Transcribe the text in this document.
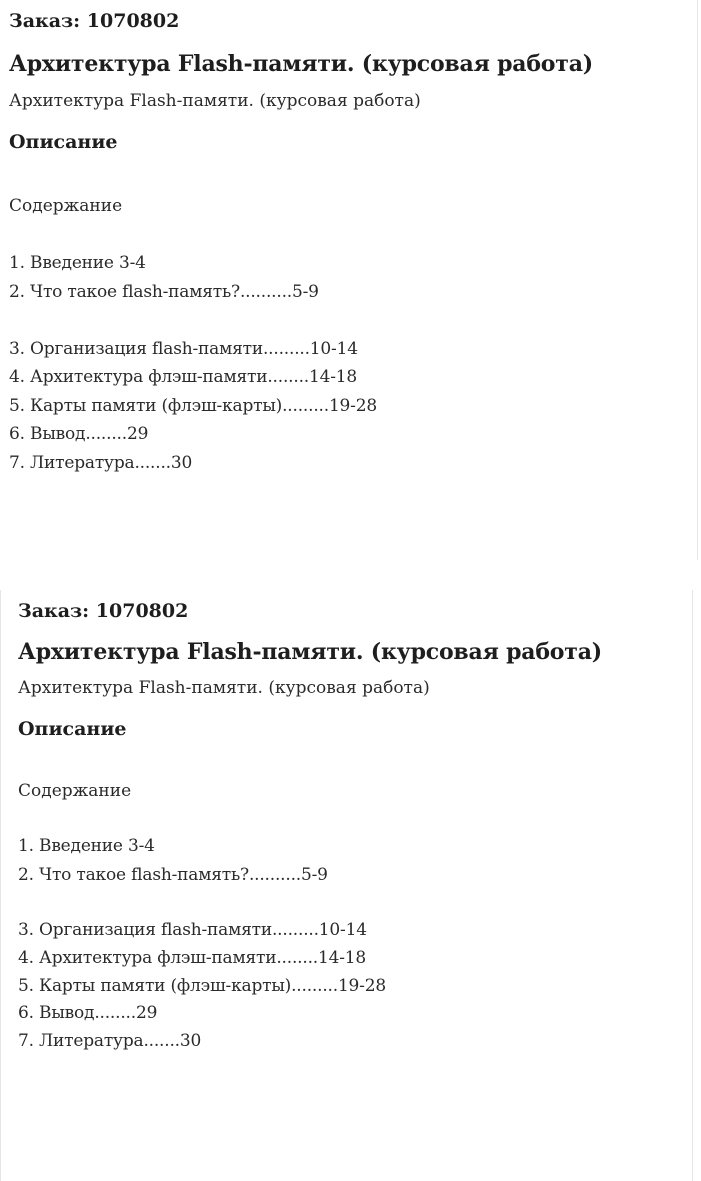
Заказ: 1070802
Архитектура Flash-памяти. (курсовая работа)
Архитектура Flash-памяти. (курсовая работа)
Описание
Содержание
1. Введение 3-4
2. Что такое flash-память?..........5-9
3. Организация flash-памяти.........10-14
4. Архитектура флэш-памяти........14-18
5. Карты памяти (флэш-карты).........19-28
6. Вывод........29
7. Литература.......30
Заказ: 1070802
Архитектура Flash-памяти. (курсовая работа)
Архитектура Flash-памяти. (курсовая работа)
Описание
Содержание
1. Введение 3-4
2. Что такое flash-память?..........5-9
3. Организация flash-памяти.........10-14
4. Архитектура флэш-памяти........14-18
5. Карты памяти (флэш-карты).........19-28
6. Вывод........29
7. Литература.......30
